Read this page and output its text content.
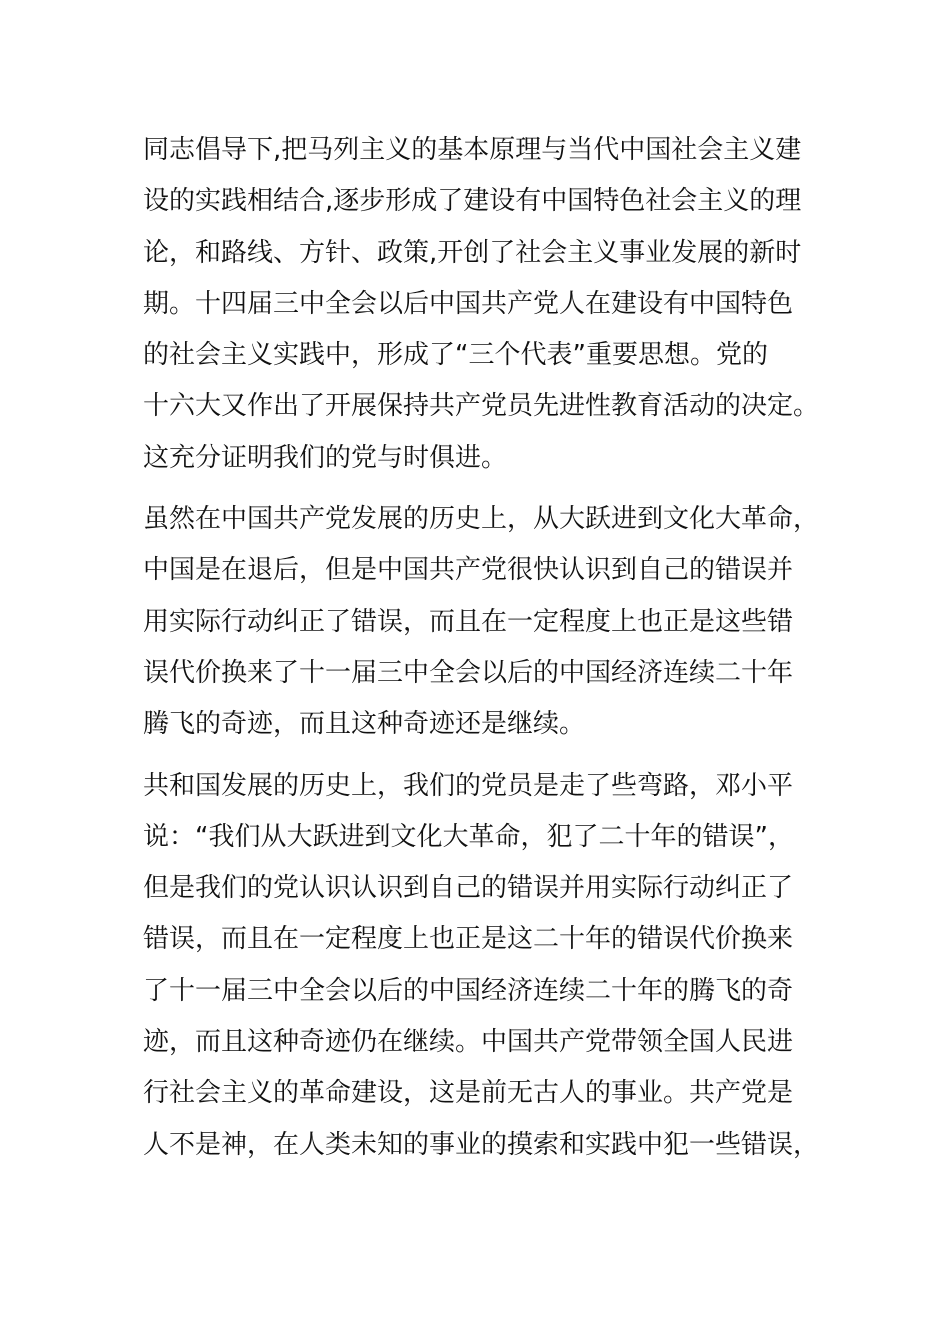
同志倡导下,把马列主义的基本原理与当代中国社会主义建
设的实践相结合,逐步形成了建设有中国特色社会主义的理
论，和路线、方针、政策,开创了社会主义事业发展的新时
期。十四届三中全会以后中国共产党人在建设有中国特色
的社会主义实践中，形成了“三个代表”重要思想。党的
十六大又作出了开展保持共产党员先进性教育活动的决定。
这充分证明我们的党与时俱进。
虽然在中国共产党发展的历史上，从大跃进到文化大革命，
中国是在退后，但是中国共产党很快认识到自己的错误并
用实际行动纠正了错误，而且在一定程度上也正是这些错
误代价换来了十一届三中全会以后的中国经济连续二十年
腾飞的奇迹，而且这种奇迹还是继续。
共和国发展的历史上，我们的党员是走了些弯路，邓小平
说：“我们从大跃进到文化大革命，犯了二十年的错误”，
但是我们的党认识认识到自己的错误并用实际行动纠正了
错误，而且在一定程度上也正是这二十年的错误代价换来
了十一届三中全会以后的中国经济连续二十年的腾飞的奇
迹，而且这种奇迹仍在继续。中国共产党带领全国人民进
行社会主义的革命建设，这是前无古人的事业。共产党是
人不是神，在人类未知的事业的摸索和实践中犯一些错误，
